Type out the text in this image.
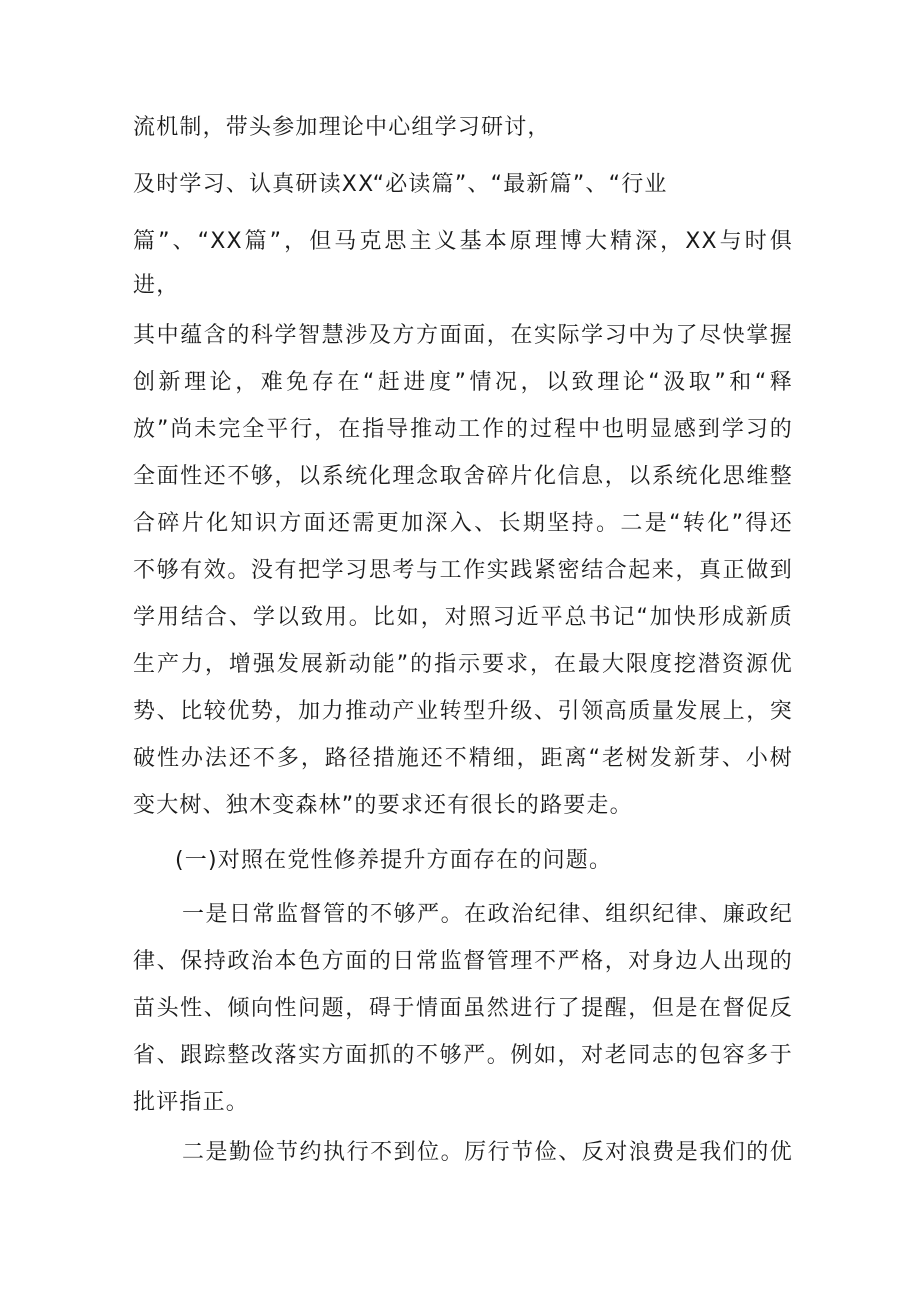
流机制，带头参加理论中心组学习研讨，
及时学习、认真研读XX“必读篇”、“最新篇”、“行业
篇”、“XX篇”，但马克思主义基本原理博大精深，XX与时俱
进，
其中蕴含的科学智慧涉及方方面面，在实际学习中为了尽快掌握
创新理论，难免存在“赶进度”情况，以致理论“汲取”和“释
放”尚未完全平行，在指导推动工作的过程中也明显感到学习的
全面性还不够，以系统化理念取舍碎片化信息，以系统化思维整
合碎片化知识方面还需更加深入、长期坚持。二是“转化”得还
不够有效。没有把学习思考与工作实践紧密结合起来，真正做到
学用结合、学以致用。比如，对照习近平总书记“加快形成新质
生产力，增强发展新动能”的指示要求，在最大限度挖潜资源优
势、比较优势，加力推动产业转型升级、引领高质量发展上，突
破性办法还不多，路径措施还不精细，距离“老树发新芽、小树
变大树、独木变森林”的要求还有很长的路要走。
(一)对照在党性修养提升方面存在的问题。
一是日常监督管的不够严。在政治纪律、组织纪律、廉政纪
律、保持政治本色方面的日常监督管理不严格，对身边人出现的
苗头性、倾向性问题，碍于情面虽然进行了提醒，但是在督促反
省、跟踪整改落实方面抓的不够严。例如，对老同志的包容多于
批评指正。
二是勤俭节约执行不到位。厉行节俭、反对浪费是我们的优
